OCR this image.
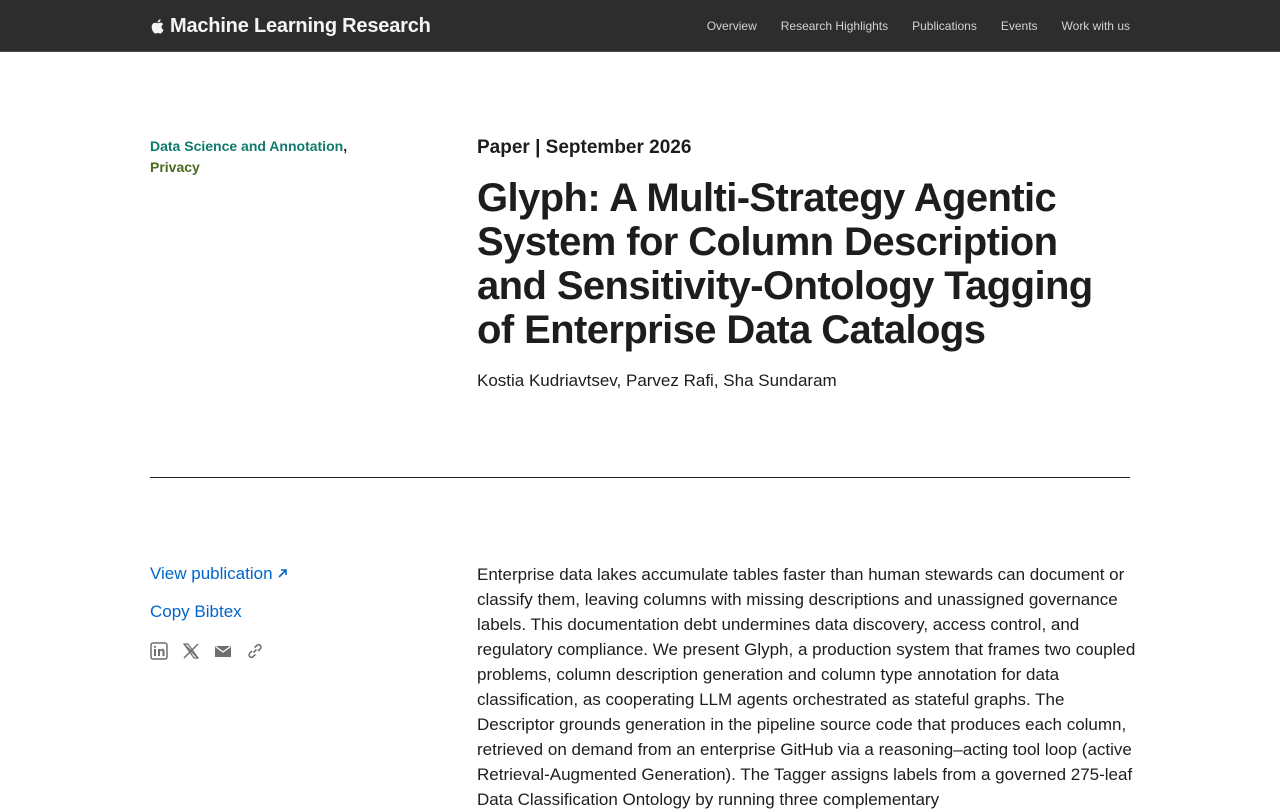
Machine Learning Research	Overview Research Highlights Publications Events Work with us
Data Science and Annotation,
Privacy
Paper | September 2026
Glyph: A Multi-Strategy Agentic System for Column Description and Sensitivity-Ontology Tagging of Enterprise Data Catalogs
Kostia Kudriavtsev, Parvez Rafi, Sha Sundaram
View publication
Copy Bibtex

Enterprise data lakes accumulate tables faster than human stewards can document or classify them, leaving columns with missing descriptions and unassigned governance labels. This documentation debt undermines data discovery, access control, and regulatory compliance. We present Glyph, a production system that frames two coupled problems, column description generation and column type annotation for data classification, as cooperating LLM agents orchestrated as stateful graphs. The Descriptor grounds generation in the pipeline source code that produces each column, retrieved on demand from an enterprise GitHub via a reasoning–acting tool loop (active Retrieval-Augmented Generation). The Tagger assigns labels from a governed 275-leaf Data Classification Ontology by running three complementary
